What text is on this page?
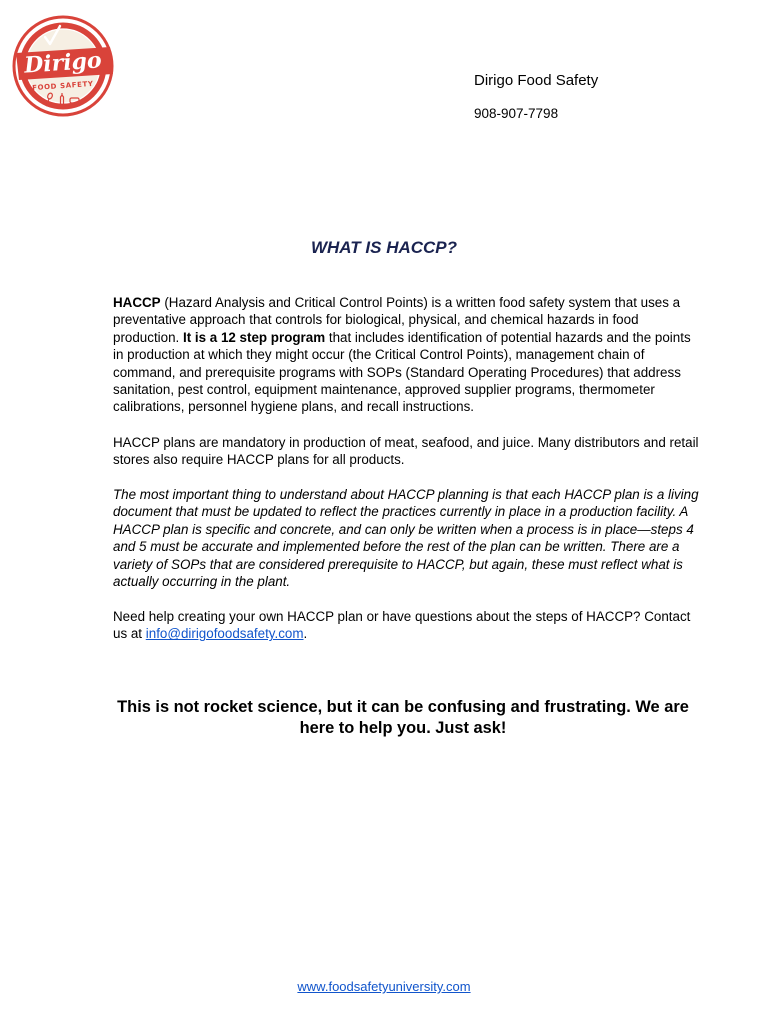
Dirigo
FOOD SAFETY	Dirigo Food Safety
908-907-7798
WHAT IS HACCP?

HACCP (Hazard Analysis and Critical Control Points) is a written food safety system that uses a preventative approach that controls for biological, physical, and chemical hazards in food production. It is a 12 step program that includes identification of potential hazards and the points in production at which they might occur (the Critical Control Points), management chain of command, and prerequisite programs with SOPs (Standard Operating Procedures) that address sanitation, pest control, equipment maintenance, approved supplier programs, thermometer calibrations, personnel hygiene plans, and recall instructions.

HACCP plans are mandatory in production of meat, seafood, and juice. Many distributors and retail stores also require HACCP plans for all products.

The most important thing to understand about HACCP planning is that each HACCP plan is a living document that must be updated to reflect the practices currently in place in a production facility. A HACCP plan is specific and concrete, and can only be written when a process is in place—steps 4 and 5 must be accurate and implemented before the rest of the plan can be written. There are a variety of SOPs that are considered prerequisite to HACCP, but again, these must reflect what is actually occurring in the plant.

Need help creating your own HACCP plan or have questions about the steps of HACCP? Contact us at info@dirigofoodsafety.com.

This is not rocket science, but it can be confusing and frustrating. We are here to help you. Just ask!
www.foodsafetyuniversity.com
